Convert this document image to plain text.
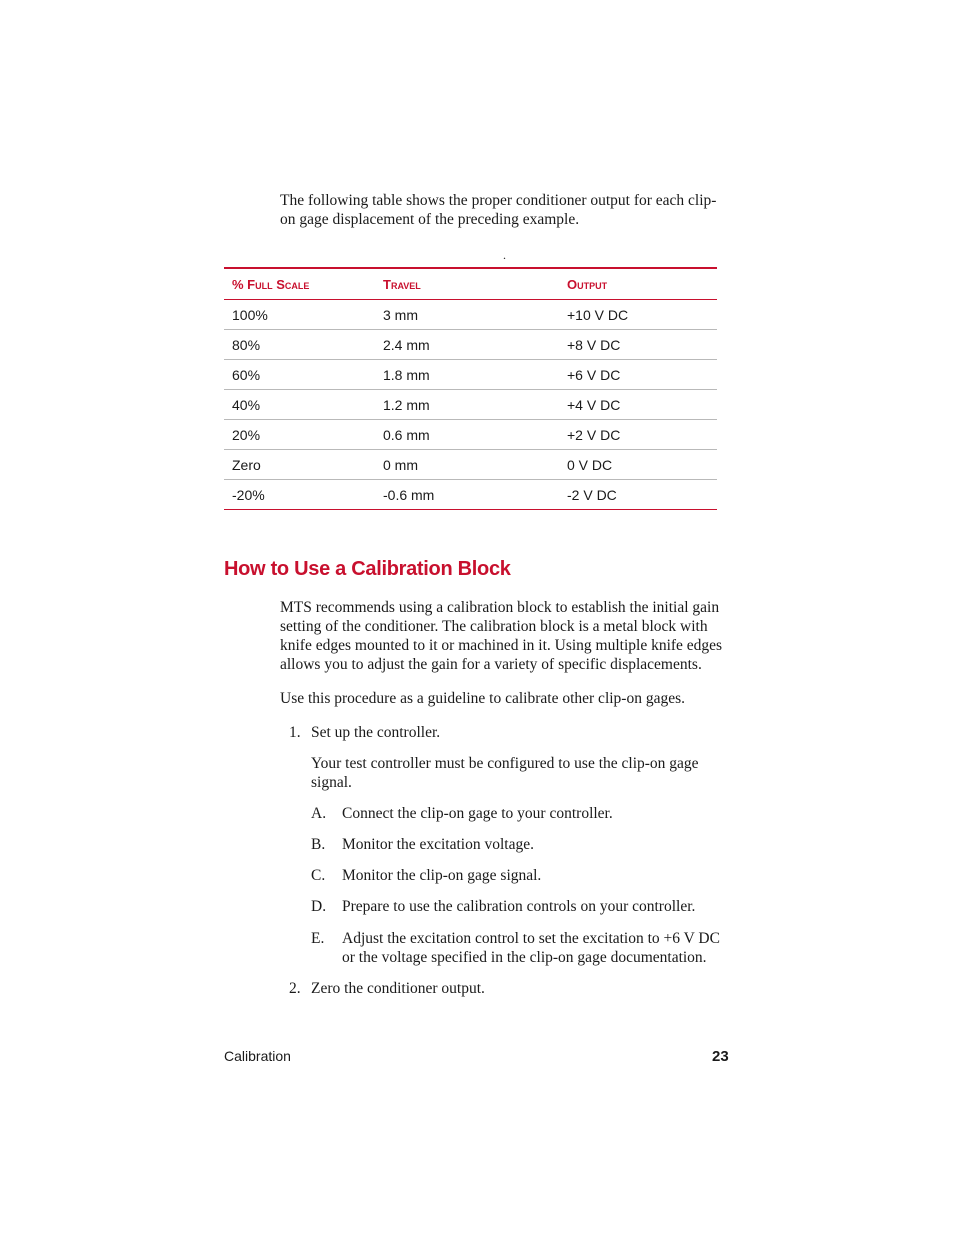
The following table shows the proper conditioner output for each clip-on gage displacement of the preceding example.

.

% Full Scale	Travel	Output
100%	3 mm	+10 V DC
80%	2.4 mm	+8 V DC
60%	1.8 mm	+6 V DC
40%	1.2 mm	+4 V DC
20%	0.6 mm	+2 V DC
Zero	0 mm	0 V DC
-20%	-0.6 mm	-2 V DC
How to Use a Calibration Block

MTS recommends using a calibration block to establish the initial gain setting of the conditioner. The calibration block is a metal block with knife edges mounted to it or machined in it. Using multiple knife edges allows you to adjust the gain for a variety of specific displacements.

Use this procedure as a guideline to calibrate other clip-on gages.

1. Set up the controller.

Your test controller must be configured to use the clip-on gage signal.

A. Connect the clip-on gage to your controller.

B. Monitor the excitation voltage.

C. Monitor the clip-on gage signal.

D. Prepare to use the calibration controls on your controller.

E. Adjust the excitation control to set the excitation to +6 V DC or the voltage specified in the clip-on gage documentation.

2. Zero the conditioner output.

Calibration	23
